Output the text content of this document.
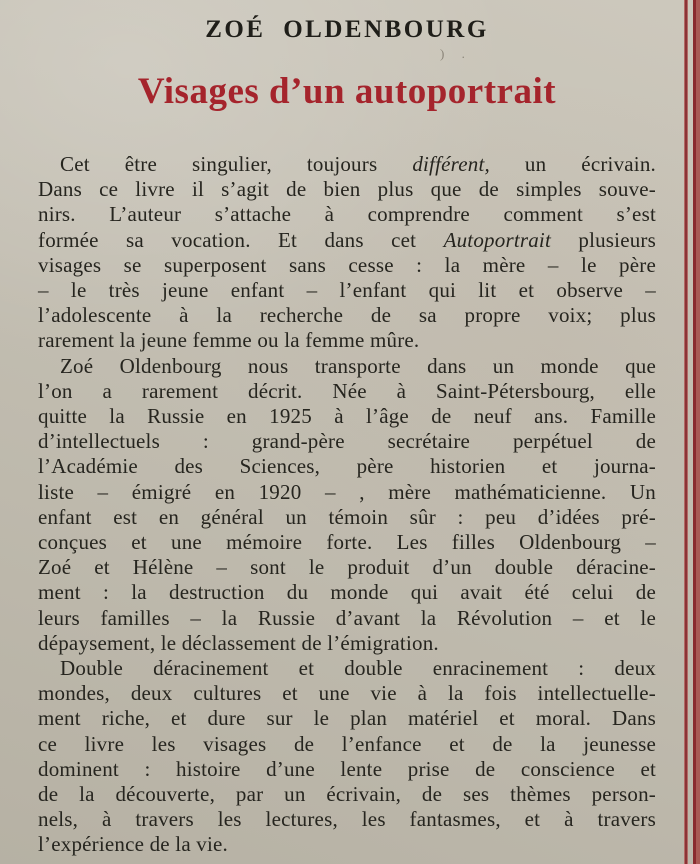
ZOÉ OLDENBOURG
) .
Visages d’un autoportrait
Cet être singulier, toujours différent, un écrivain.
Dans ce livre il s’agit de bien plus que de simples souve-
nirs. L’auteur s’attache à comprendre comment s’est
formée sa vocation. Et dans cet Autoportrait plusieurs
visages se superposent sans cesse : la mère – le père
– le très jeune enfant – l’enfant qui lit et observe –
l’adolescente à la recherche de sa propre voix; plus
rarement la jeune femme ou la femme mûre.
Zoé Oldenbourg nous transporte dans un monde que
l’on a rarement décrit. Née à Saint-Pétersbourg, elle
quitte la Russie en 1925 à l’âge de neuf ans. Famille
d’intellectuels : grand-père secrétaire perpétuel de
l’Académie des Sciences, père historien et journa-
liste – émigré en 1920 – , mère mathématicienne. Un
enfant est en général un témoin sûr : peu d’idées pré-
conçues et une mémoire forte. Les filles Oldenbourg –
Zoé et Hélène – sont le produit d’un double déracine-
ment : la destruction du monde qui avait été celui de
leurs familles – la Russie d’avant la Révolution – et le
dépaysement, le déclassement de l’émigration.
Double déracinement et double enracinement : deux
mondes, deux cultures et une vie à la fois intellectuelle-
ment riche, et dure sur le plan matériel et moral. Dans
ce livre les visages de l’enfance et de la jeunesse
dominent : histoire d’une lente prise de conscience et
de la découverte, par un écrivain, de ses thèmes person-
nels, à travers les lectures, les fantasmes, et à travers
l’expérience de la vie.
